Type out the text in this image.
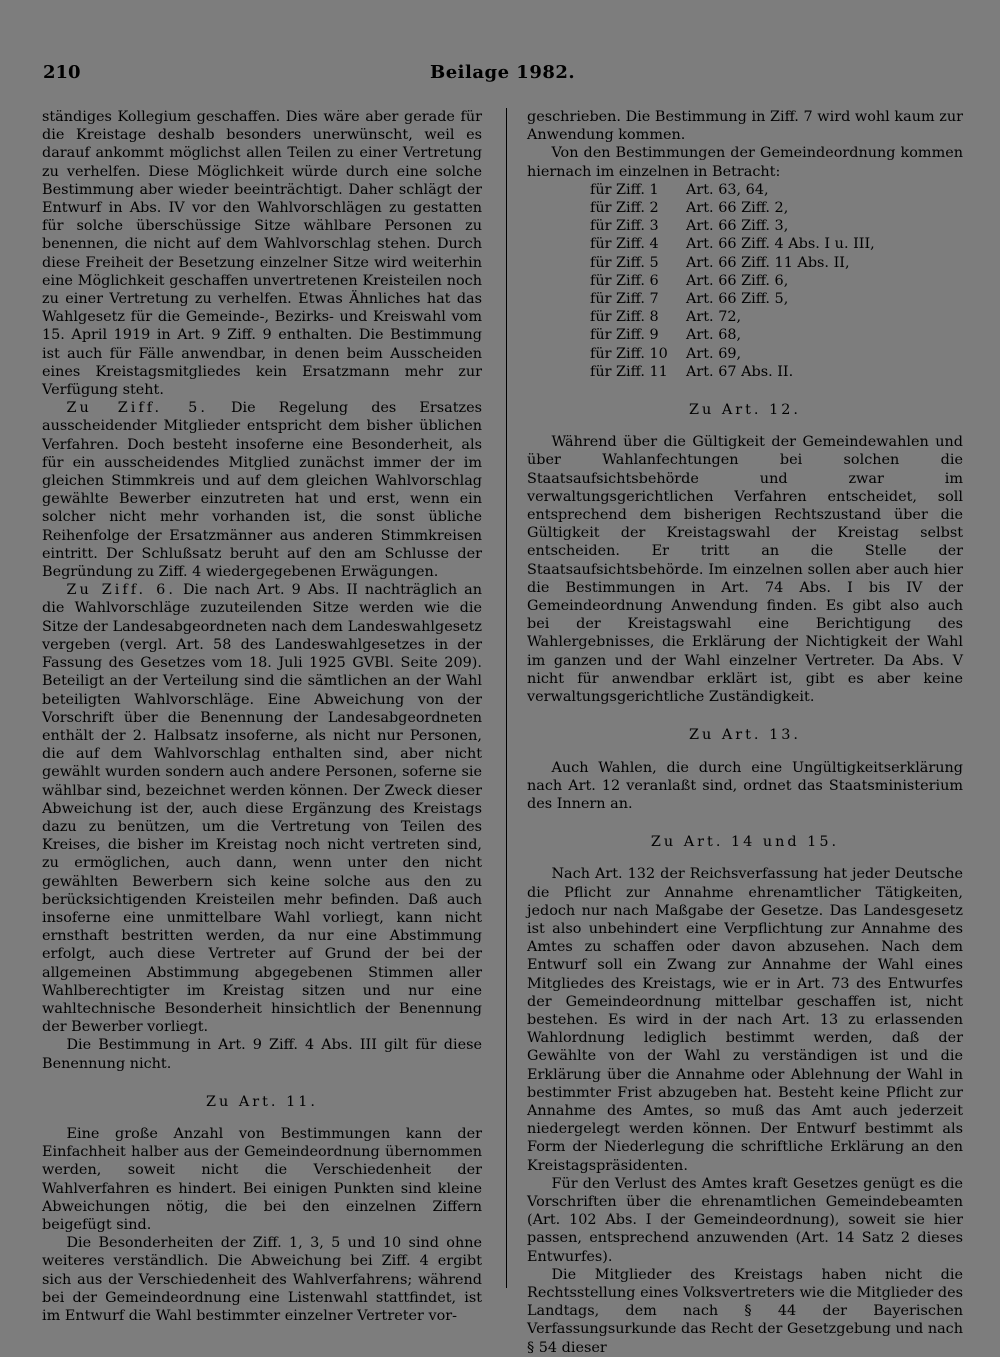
210	Beilage 1982.

ständiges Kollegium geschaffen. Dies wäre aber gerade für die Kreistage deshalb besonders unerwünscht, weil es darauf ankommt möglichst allen Teilen zu einer Vertretung zu verhelfen. Diese Möglichkeit würde durch eine solche Bestimmung aber wieder beeinträchtigt. Daher schlägt der Entwurf in Abs. IV vor den Wahlvorschlägen zu gestatten für solche überschüssige Sitze wählbare Personen zu benennen, die nicht auf dem Wahlvorschlag stehen. Durch diese Freiheit der Besetzung einzelner Sitze wird weiterhin eine Möglichkeit geschaffen unvertretenen Kreisteilen noch zu einer Vertretung zu verhelfen. Etwas Ähnliches hat das Wahlgesetz für die Gemeinde-, Bezirks- und Kreiswahl vom 15. April 1919 in Art. 9 Ziff. 9 enthalten. Die Bestimmung ist auch für Fälle anwendbar, in denen beim Ausscheiden eines Kreistagsmitgliedes kein Ersatzmann mehr zur Verfügung steht.

Zu Ziff. 5. Die Regelung des Ersatzes ausscheidender Mitglieder entspricht dem bisher üblichen Verfahren. Doch besteht insoferne eine Besonderheit, als für ein ausscheidendes Mitglied zunächst immer der im gleichen Stimmkreis und auf dem gleichen Wahlvorschlag gewählte Bewerber einzutreten hat und erst, wenn ein solcher nicht mehr vorhanden ist, die sonst übliche Reihenfolge der Ersatzmänner aus anderen Stimmkreisen eintritt. Der Schlußsatz beruht auf den am Schlusse der Begründung zu Ziff. 4 wiedergegebenen Erwägungen.

Zu Ziff. 6. Die nach Art. 9 Abs. II nachträglich an die Wahlvorschläge zuzuteilenden Sitze werden wie die Sitze der Landesabgeordneten nach dem Landeswahlgesetz vergeben (vergl. Art. 58 des Landeswahlgesetzes in der Fassung des Gesetzes vom 18. Juli 1925 GVBl. Seite 209). Beteiligt an der Verteilung sind die sämtlichen an der Wahl beteiligten Wahlvorschläge. Eine Abweichung von der Vorschrift über die Benennung der Landesabgeordneten enthält der 2. Halbsatz insoferne, als nicht nur Personen, die auf dem Wahlvorschlag enthalten sind, aber nicht gewählt wurden sondern auch andere Personen, soferne sie wählbar sind, bezeichnet werden können. Der Zweck dieser Abweichung ist der, auch diese Ergänzung des Kreistags dazu zu benützen, um die Vertretung von Teilen des Kreises, die bisher im Kreistag noch nicht vertreten sind, zu ermöglichen, auch dann, wenn unter den nicht gewählten Bewerbern sich keine solche aus den zu berücksichtigenden Kreisteilen mehr befinden. Daß auch insoferne eine unmittelbare Wahl vorliegt, kann nicht ernsthaft bestritten werden, da nur eine Abstimmung erfolgt, auch diese Vertreter auf Grund der bei der allgemeinen Abstimmung abgegebenen Stimmen aller Wahlberechtigter im Kreistag sitzen und nur eine wahltechnische Besonderheit hinsichtlich der Benennung der Bewerber vorliegt.

Die Bestimmung in Art. 9 Ziff. 4 Abs. III gilt für diese Benennung nicht.

Zu Art. 11.

Eine große Anzahl von Bestimmungen kann der Einfachheit halber aus der Gemeindeordnung übernommen werden, soweit nicht die Verschiedenheit der Wahlverfahren es hindert. Bei einigen Punkten sind kleine Abweichungen nötig, die bei den einzelnen Ziffern beigefügt sind.

Die Besonderheiten der Ziff. 1, 3, 5 und 10 sind ohne weiteres verständlich. Die Abweichung bei Ziff. 4 ergibt sich aus der Verschiedenheit des Wahlverfahrens; während bei der Gemeindeordnung eine Listenwahl stattfindet, ist im Entwurf die Wahl bestimmter einzelner Vertreter vor-

geschrieben. Die Bestimmung in Ziff. 7 wird wohl kaum zur Anwendung kommen.

Von den Bestimmungen der Gemeindeordnung kommen hiernach im einzelnen in Betracht:

für Ziff. 1	Art. 63, 64,
für Ziff. 2	Art. 66 Ziff. 2,
für Ziff. 3	Art. 66 Ziff. 3,
für Ziff. 4	Art. 66 Ziff. 4 Abs. I u. III,
für Ziff. 5	Art. 66 Ziff. 11 Abs. II,
für Ziff. 6	Art. 66 Ziff. 6,
für Ziff. 7	Art. 66 Ziff. 5,
für Ziff. 8	Art. 72,
für Ziff. 9	Art. 68,
für Ziff. 10	Art. 69,
für Ziff. 11	Art. 67 Abs. II.

Zu Art. 12.

Während über die Gültigkeit der Gemeindewahlen und über Wahlanfechtungen bei solchen die Staatsaufsichtsbehörde und zwar im verwaltungsgerichtlichen Verfahren entscheidet, soll entsprechend dem bisherigen Rechtszustand über die Gültigkeit der Kreistagswahl der Kreistag selbst entscheiden. Er tritt an die Stelle der Staatsaufsichtsbehörde. Im einzelnen sollen aber auch hier die Bestimmungen in Art. 74 Abs. I bis IV der Gemeindeordnung Anwendung finden. Es gibt also auch bei der Kreistagswahl eine Berichtigung des Wahlergebnisses, die Erklärung der Nichtigkeit der Wahl im ganzen und der Wahl einzelner Vertreter. Da Abs. V nicht für anwendbar erklärt ist, gibt es aber keine verwaltungsgerichtliche Zuständigkeit.

Zu Art. 13.

Auch Wahlen, die durch eine Ungültigkeitserklärung nach Art. 12 veranlaßt sind, ordnet das Staatsministerium des Innern an.

Zu Art. 14 und 15.

Nach Art. 132 der Reichsverfassung hat jeder Deutsche die Pflicht zur Annahme ehrenamtlicher Tätigkeiten, jedoch nur nach Maßgabe der Gesetze. Das Landesgesetz ist also unbehindert eine Verpflichtung zur Annahme des Amtes zu schaffen oder davon abzusehen. Nach dem Entwurf soll ein Zwang zur Annahme der Wahl eines Mitgliedes des Kreistags, wie er in Art. 73 des Entwurfes der Gemeindeordnung mittelbar geschaffen ist, nicht bestehen. Es wird in der nach Art. 13 zu erlassenden Wahlordnung lediglich bestimmt werden, daß der Gewählte von der Wahl zu verständigen ist und die Erklärung über die Annahme oder Ablehnung der Wahl in bestimmter Frist abzugeben hat. Besteht keine Pflicht zur Annahme des Amtes, so muß das Amt auch jederzeit niedergelegt werden können. Der Entwurf bestimmt als Form der Niederlegung die schriftliche Erklärung an den Kreistagspräsidenten.

Für den Verlust des Amtes kraft Gesetzes genügt es die Vorschriften über die ehrenamtlichen Gemeindebeamten (Art. 102 Abs. I der Gemeindeordnung), soweit sie hier passen, entsprechend anzuwenden (Art. 14 Satz 2 dieses Entwurfes).

Die Mitglieder des Kreistags haben nicht die Rechtsstellung eines Volksvertreters wie die Mitglieder des Landtags, dem nach § 44 der Bayerischen Verfassungsurkunde das Recht der Gesetzgebung und nach § 54 dieser
